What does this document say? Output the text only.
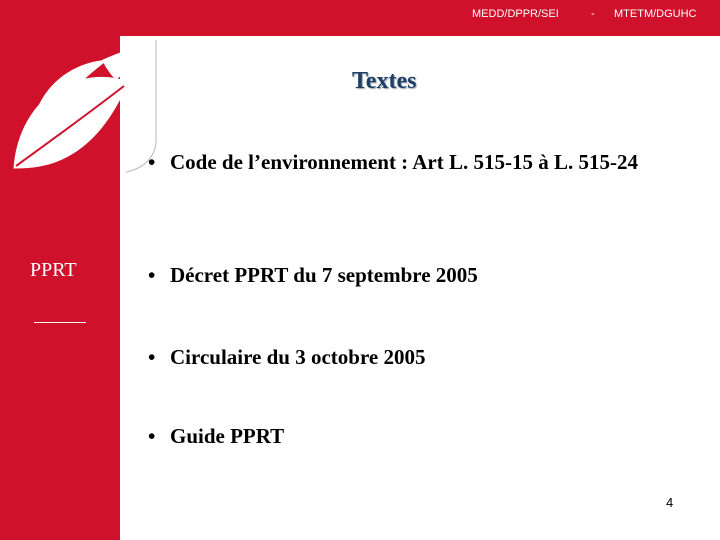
MEDD/DPPR/SEI	- MTETM/DGUHC
PPRT
Textes
• Code de l’environnement : Art L. 515-15 à L. 515-24
• Décret PPRT du 7 septembre 2005
• Circulaire du 3 octobre 2005
• Guide PPRT
4
